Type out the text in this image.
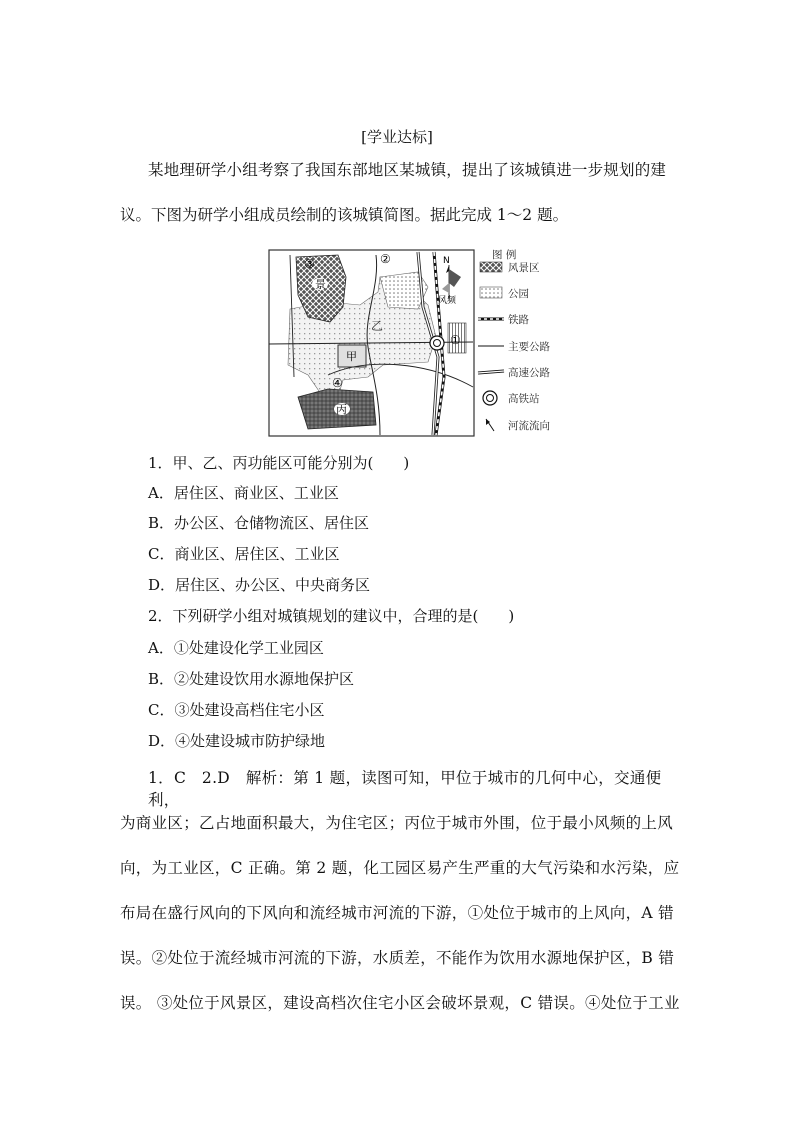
[学业达标]
某地理研学小组考察了我国东部地区某城镇，提出了该城镇进一步规划的建
议。下图为研学小组成员绘制的该城镇简图。据此完成 1～2 题。
景
乙
甲
丙
①
②
③
④
N
风频
图 例
风景区
公园
铁路
主要公路
高速公路
高铁站
河流流向
1．甲、乙、丙功能区可能分别为(　　)
A．居住区、商业区、工业区
B．办公区、仓储物流区、居住区
C．商业区、居住区、工业区
D．居住区、办公区、中央商务区
2．下列研学小组对城镇规划的建议中，合理的是(　　)
A．①处建设化学工业园区
B．②处建设饮用水源地保护区
C．③处建设高档住宅小区
D．④处建设城市防护绿地
1．C　2.D　解析：第 1 题，读图可知，甲位于城市的几何中心，交通便利，
为商业区；乙占地面积最大，为住宅区；丙位于城市外围，位于最小风频的上风
向，为工业区，C 正确。第 2 题，化工园区易产生严重的大气污染和水污染，应
布局在盛行风向的下风向和流经城市河流的下游，①处位于城市的上风向，A 错
误。②处位于流经城市河流的下游，水质差，不能作为饮用水源地保护区，B 错
误。 ③处位于风景区，建设高档次住宅小区会破坏景观，C 错误。④处位于工业
